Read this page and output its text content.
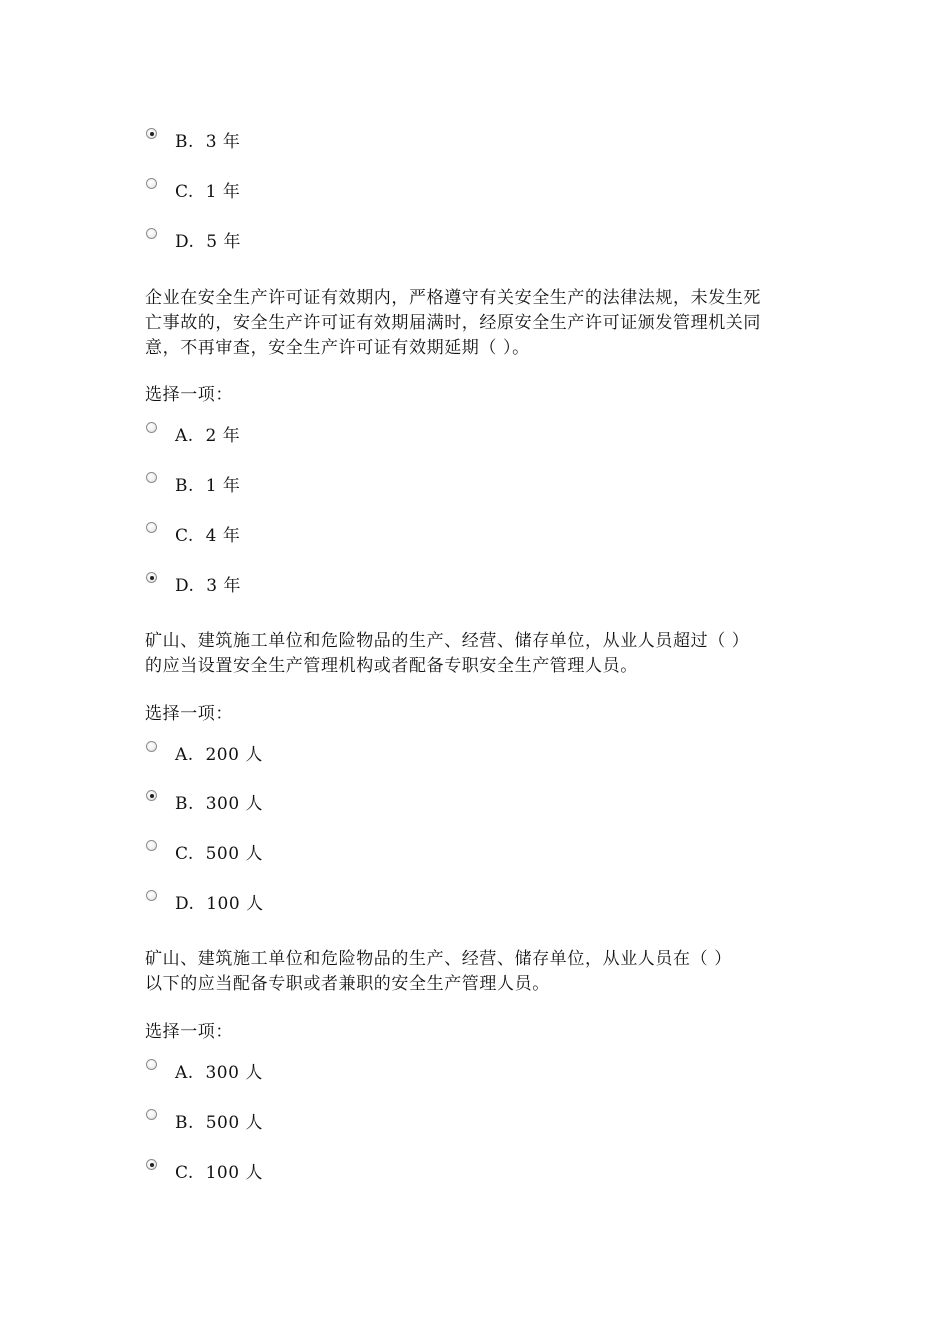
B.  3 年
C.  1 年
D.  5 年

企业在安全生产许可证有效期内，严格遵守有关安全生产的法律法规，未发生死

亡事故的，安全生产许可证有效期届满时，经原安全生产许可证颁发管理机关同

意，不再审查，安全生产许可证有效期延期（ ）。

选择一项：
A.  2 年
B.  1 年
C.  4 年
D.  3 年

矿山、建筑施工单位和危险物品的生产、经营、储存单位，从业人员超过（ ）

的应当设置安全生产管理机构或者配备专职安全生产管理人员。

选择一项：
A.  200 人
B.  300 人
C.  500 人
D.  100 人

矿山、建筑施工单位和危险物品的生产、经营、储存单位，从业人员在（ ）

以下的应当配备专职或者兼职的安全生产管理人员。

选择一项：
A.  300 人
B.  500 人
C.  100 人
